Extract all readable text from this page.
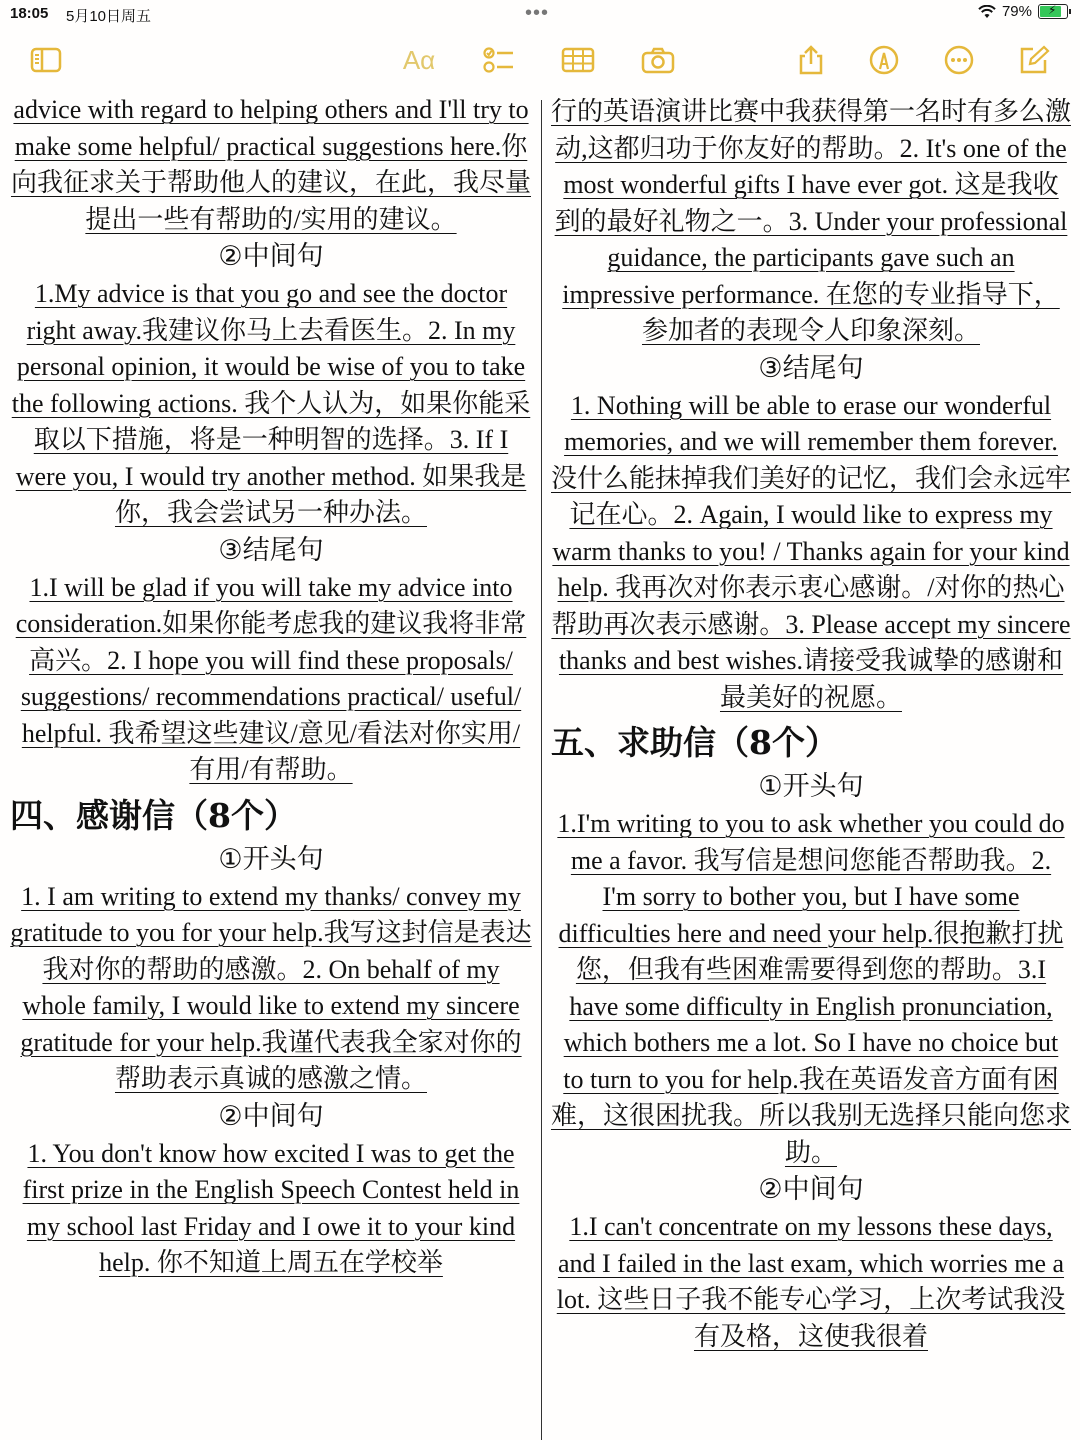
18:05 5月10日周五	•••	79% ⚡
Aα

advice with regard to helping others and I'll try to make some helpful/ practical suggestions here.你向我征求关于帮助他人的建议，在此，我尽量提出一些有帮助的/实用的建议。

②中间句

1.My advice is that you go and see the doctor right away.我建议你马上去看医生。2. In my personal opinion, it would be wise of you to take the following actions. 我个人认为，如果你能采取以下措施，将是一种明智的选择。3. If I were you, I would try another method. 如果我是你，我会尝试另一种办法。

③结尾句

1.I will be glad if you will take my advice into consideration.如果你能考虑我的建议我将非常高兴。2. I hope you will find these proposals/ suggestions/ recommendations practical/ useful/ helpful. 我希望这些建议/意见/看法对你实用/有用/有帮助。

四、感谢信（8个）

①开头句

1. I am writing to extend my thanks/ convey my gratitude to you for your help.我写这封信是表达我对你的帮助的感激。2. On behalf of my whole family, I would like to extend my sincere gratitude for your help.我谨代表我全家对你的帮助表示真诚的感激之情。

②中间句

1. You don't know how excited I was to get the first prize in the English Speech Contest held in my school last Friday and I owe it to your kind help. 你不知道上周五在学校举

行的英语演讲比赛中我获得第一名时有多么激动,这都归功于你友好的帮助。2. It's one of the most wonderful gifts I have ever got. 这是我收到的最好礼物之一。3. Under your professional guidance, the participants gave such an impressive performance. 在您的专业指导下，参加者的表现令人印象深刻。

③结尾句

1. Nothing will be able to erase our wonderful memories, and we will remember them forever. 没什么能抹掉我们美好的记忆，我们会永远牢记在心。2. Again, I would like to express my warm thanks to you! / Thanks again for your kind help. 我再次对你表示衷心感谢。/对你的热心帮助再次表示感谢。3. Please accept my sincere thanks and best wishes.请接受我诚挚的感谢和最美好的祝愿。

五、求助信（8个）

①开头句

1.I'm writing to you to ask whether you could do me a favor. 我写信是想问您能否帮助我。2. I'm sorry to bother you, but I have some difficulties here and need your help.很抱歉打扰您，但我有些困难需要得到您的帮助。3.I have some difficulty in English pronunciation, which bothers me a lot. So I have no choice but to turn to you for help.我在英语发音方面有困难，这很困扰我。所以我别无选择只能向您求助。

②中间句

1.I can't concentrate on my lessons these days, and I failed in the last exam, which worries me a lot. 这些日子我不能专心学习，上次考试我没有及格，这使我很着
